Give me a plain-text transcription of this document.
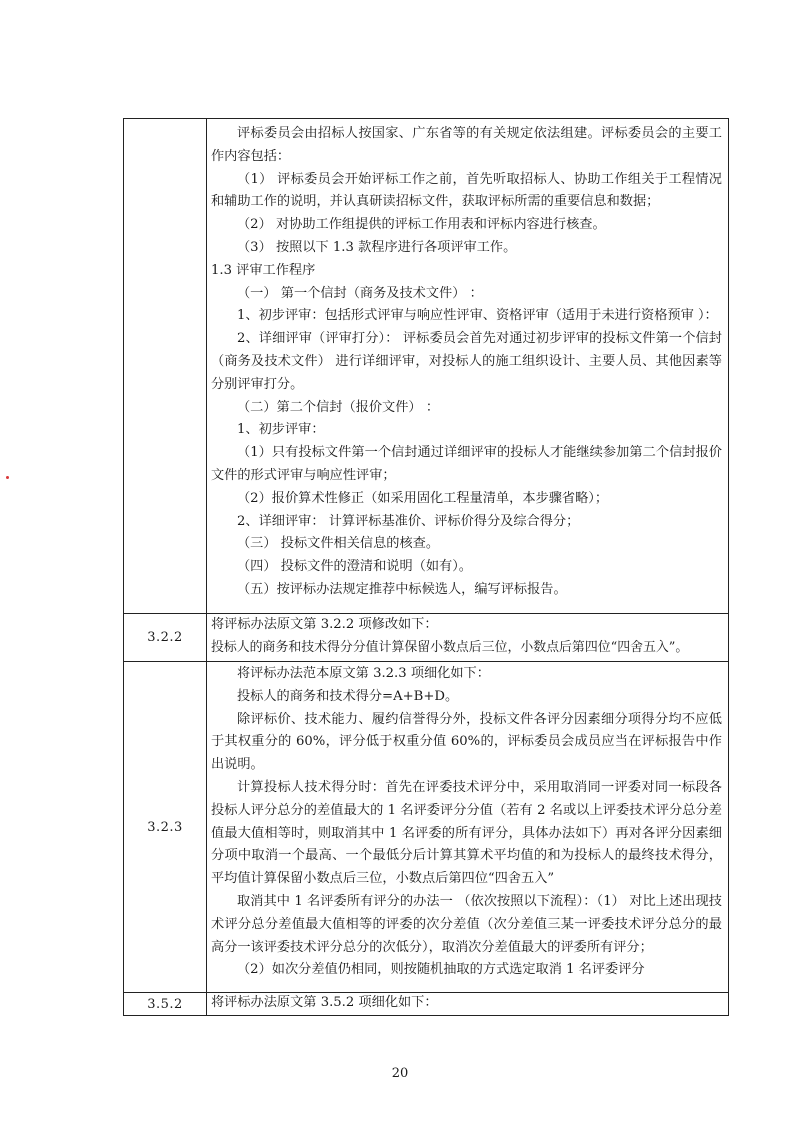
评标委员会由招标人按国家、广东省等的有关规定依法组建。评标委员会的主要工作内容包括：

（1） 评标委员会开始评标工作之前，首先听取招标人、协助工作组关于工程情况和辅助工作的说明，并认真研读招标文件，获取评标所需的重要信息和数据；

（2） 对协助工作组提供的评标工作用表和评标内容进行核查。

（3） 按照以下 1.3 款程序进行各项评审工作。

1.3 评审工作程序

（一） 第一个信封（商务及技术文件） ：

1、初步评审：包括形式评审与响应性评审、资格评审（适用于未进行资格预审 ）：

2、详细评审（评审打分）： 评标委员会首先对通过初步评审的投标文件第一个信封（商务及技术文件） 进行详细评审，对投标人的施工组织设计、主要人员、其他因素等分别评审打分。

（二）第二个信封（报价文件） ：

1、初步评审：

（1）只有投标文件第一个信封通过详细评审的投标人才能继续参加第二个信封报价文件的形式评审与响应性评审；

（2）报价算术性修正（如采用固化工程量清单，本步骤省略）；

2、详细评审： 计算评标基准价、评标价得分及综合得分；

（三） 投标文件相关信息的核查。

（四） 投标文件的澄清和说明（如有）。

（五）按评标办法规定推荐中标候选人，编写评标报告。

3.2.2

将评标办法原文第 3.2.2 项修改如下：

投标人的商务和技术得分分值计算保留小数点后三位，小数点后第四位“四舍五入”。

3.2.3

将评标办法范本原文第 3.2.3 项细化如下：

投标人的商务和技术得分=A+B+D。

除评标价、技术能力、履约信誉得分外，投标文件各评分因素细分项得分均不应低于其权重分的 60%，评分低于权重分值 60%的，评标委员会成员应当在评标报告中作出说明。

计算投标人技术得分时：首先在评委技术评分中，采用取消同一评委对同一标段各投标人评分总分的差值最大的 1 名评委评分分值（若有 2 名或以上评委技术评分总分差值最大值相等时，则取消其中 1 名评委的所有评分，具体办法如下）再对各评分因素细分项中取消一个最高、一个最低分后计算其算术平均值的和为投标人的最终技术得分，平均值计算保留小数点后三位，小数点后第四位“四舍五入”

取消其中 1 名评委所有评分的办法一 （依次按照以下流程）：（1） 对比上述出现技术评分总分差值最大值相等的评委的次分差值（次分差值三某一评委技术评分总分的最高分一该评委技术评分总分的次低分），取消次分差值最大的评委所有评分；

（2）如次分差值仍相同，则按随机抽取的方式选定取消 1 名评委评分

3.5.2	将评标办法原文第 3.5.2 项细化如下：

20
